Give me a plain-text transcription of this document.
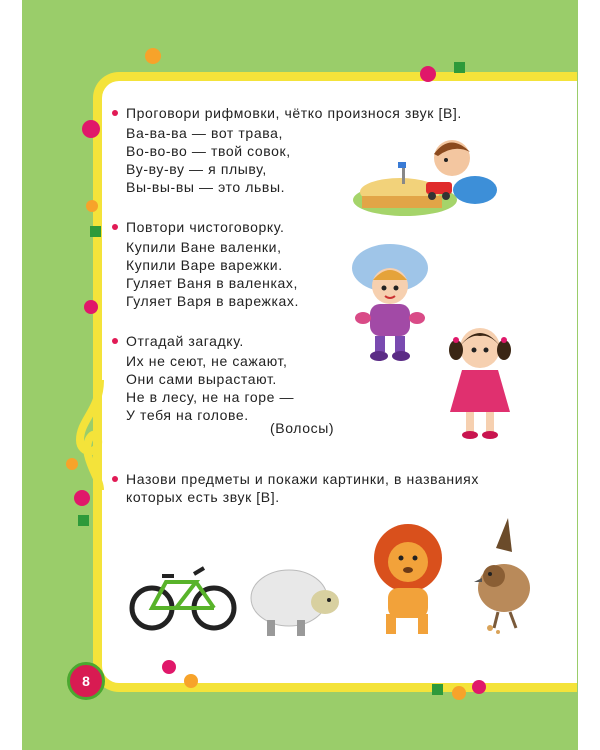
Проговори рифмовки, чётко произнося звук [В].
Ва-ва-ва — вот трава,
Во-во-во — твой совок,
Ву-ву-ву — я плыву,
Вы-вы-вы — это львы.
Повтори чистоговорку.
Купили Ване валенки,
Купили Варе варежки.
Гуляет Ваня в валенках,
Гуляет Варя в варежках.
Отгадай загадку.
Их не сеют, не сажают,
Они сами вырастают.
Не в лесу, не на горе —
У тебя на голове.
(Волосы)
Назови предметы и покажи картинки, в названиях
которых есть звук [В].
8
